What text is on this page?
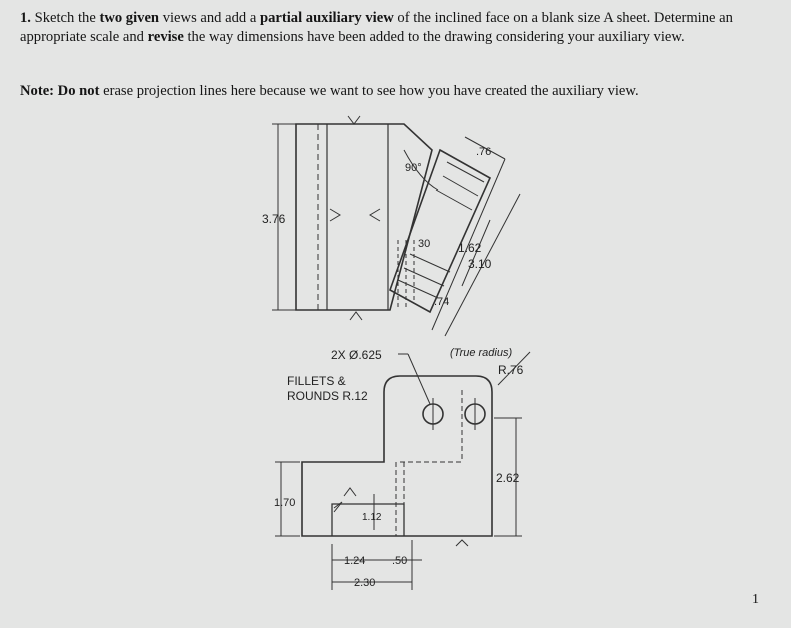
1. Sketch the two given views and add a partial auxiliary view of the inclined face on a blank size A sheet. Determine an appropriate scale and revise the way dimensions have been added to the drawing considering your auxiliary view.
Note: Do not erase projection lines here because we want to see how you have created the auxiliary view.
3.76
90°
30
.76
1.62
3.10
.74
2X Ø.625
FILLETS &
ROUNDS R.12
(True radius)
R.76
1.70
1.12
1.24 .50
2.30
2.62
1
